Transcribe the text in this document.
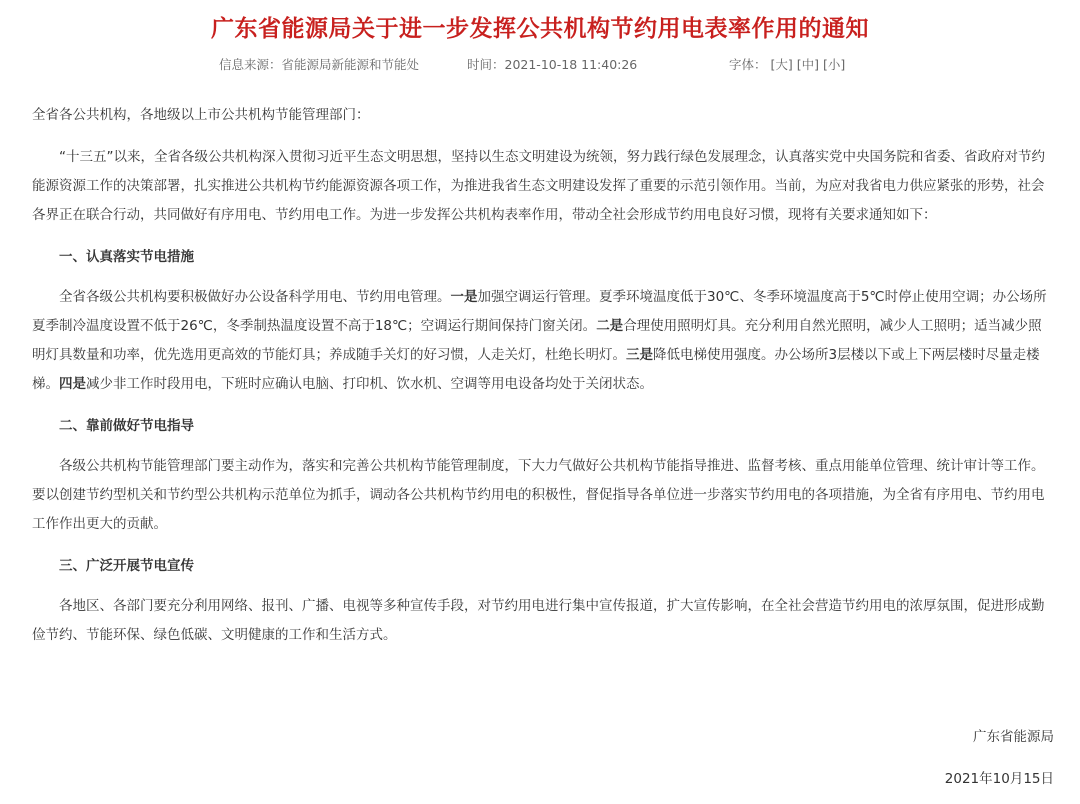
广东省能源局关于进一步发挥公共机构节约用电表率作用的通知
信息来源：省能源局新能源和节能处	时间：2021-10-18 11:40:26	字体： [大] [中] [小]

全省各公共机构，各地级以上市公共机构节能管理部门：

“十三五”以来，全省各级公共机构深入贯彻习近平生态文明思想，坚持以生态文明建设为统领，努力践行绿色发展理念，认真落实党中央国务院和省委、省政府对节约能源资源工作的决策部署，扎实推进公共机构节约能源资源各项工作，为推进我省生态文明建设发挥了重要的示范引领作用。当前，为应对我省电力供应紧张的形势，社会各界正在联合行动，共同做好有序用电、节约用电工作。为进一步发挥公共机构表率作用，带动全社会形成节约用电良好习惯，现将有关要求通知如下：

一、认真落实节电措施

全省各级公共机构要积极做好办公设备科学用电、节约用电管理。一是加强空调运行管理。夏季环境温度低于30℃、冬季环境温度高于5℃时停止使用空调；办公场所夏季制冷温度设置不低于26℃，冬季制热温度设置不高于18℃；空调运行期间保持门窗关闭。二是合理使用照明灯具。充分利用自然光照明，减少人工照明；适当减少照明灯具数量和功率，优先选用更高效的节能灯具；养成随手关灯的好习惯，人走关灯，杜绝长明灯。三是降低电梯使用强度。办公场所3层楼以下或上下两层楼时尽量走楼梯。四是减少非工作时段用电，下班时应确认电脑、打印机、饮水机、空调等用电设备均处于关闭状态。

二、靠前做好节电指导

各级公共机构节能管理部门要主动作为，落实和完善公共机构节能管理制度，下大力气做好公共机构节能指导推进、监督考核、重点用能单位管理、统计审计等工作。要以创建节约型机关和节约型公共机构示范单位为抓手，调动各公共机构节约用电的积极性，督促指导各单位进一步落实节约用电的各项措施，为全省有序用电、节约用电工作作出更大的贡献。

三、广泛开展节电宣传

各地区、各部门要充分利用网络、报刊、广播、电视等多种宣传手段，对节约用电进行集中宣传报道，扩大宣传影响，在全社会营造节约用电的浓厚氛围，促进形成勤俭节约、节能环保、绿色低碳、文明健康的工作和生活方式。

广东省能源局
2021年10月15日
